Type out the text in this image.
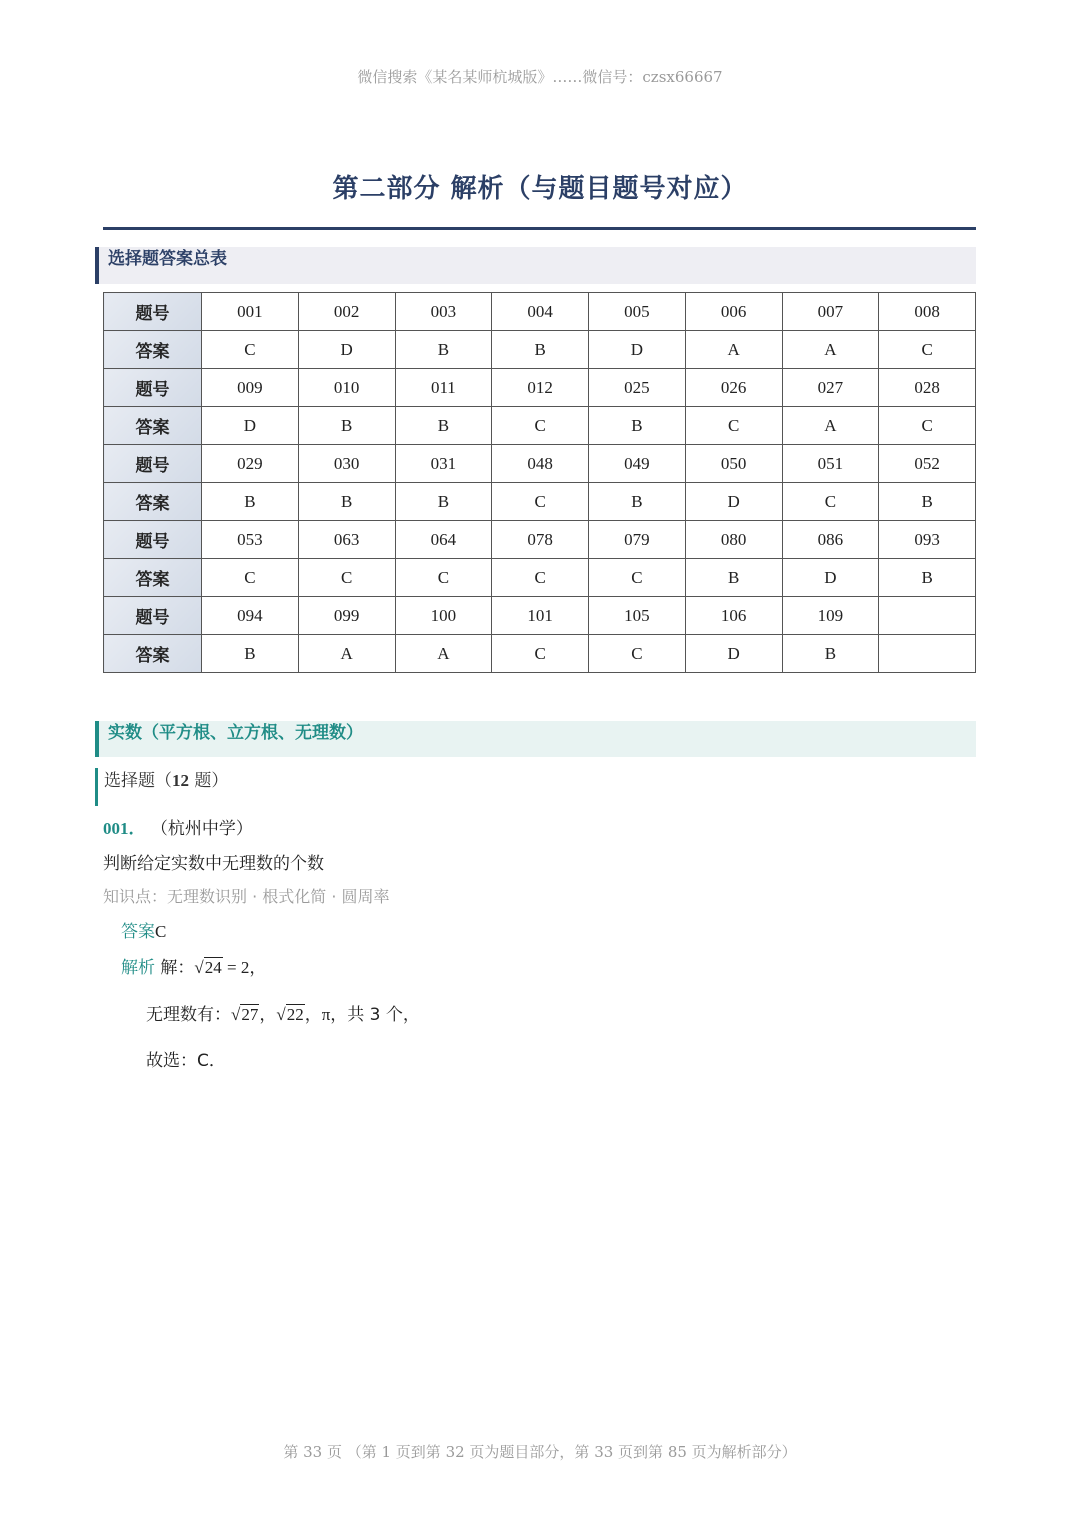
微信搜索《某名某师杭城版》……微信号：czsx66667
第二部分 解析（与题目题号对应）
选择题答案总表
题号	001	002	003	004	005	006	007	008
答案	C	D	B	B	D	A	A	C
题号	009	010	011	012	025	026	027	028
答案	D	B	B	C	B	C	A	C
题号	029	030	031	048	049	050	051	052
答案	B	B	B	C	B	D	C	B
题号	053	063	064	078	079	080	086	093
答案	C	C	C	C	C	B	D	B
题号	094	099	100	101	105	106	109	
答案	B	A	A	C	C	D	B	
实数（平方根、立方根、无理数）
选择题（12 题）
001． （杭州中学）
判断给定实数中无理数的个数
知识点：无理数识别 · 根式化简 · 圆周率
答案C
解析 解：√24 = 2，
无理数有：√27，√22，π，共 3 个，
故选：C．
第 33 页 （第 1 页到第 32 页为题目部分，第 33 页到第 85 页为解析部分）
